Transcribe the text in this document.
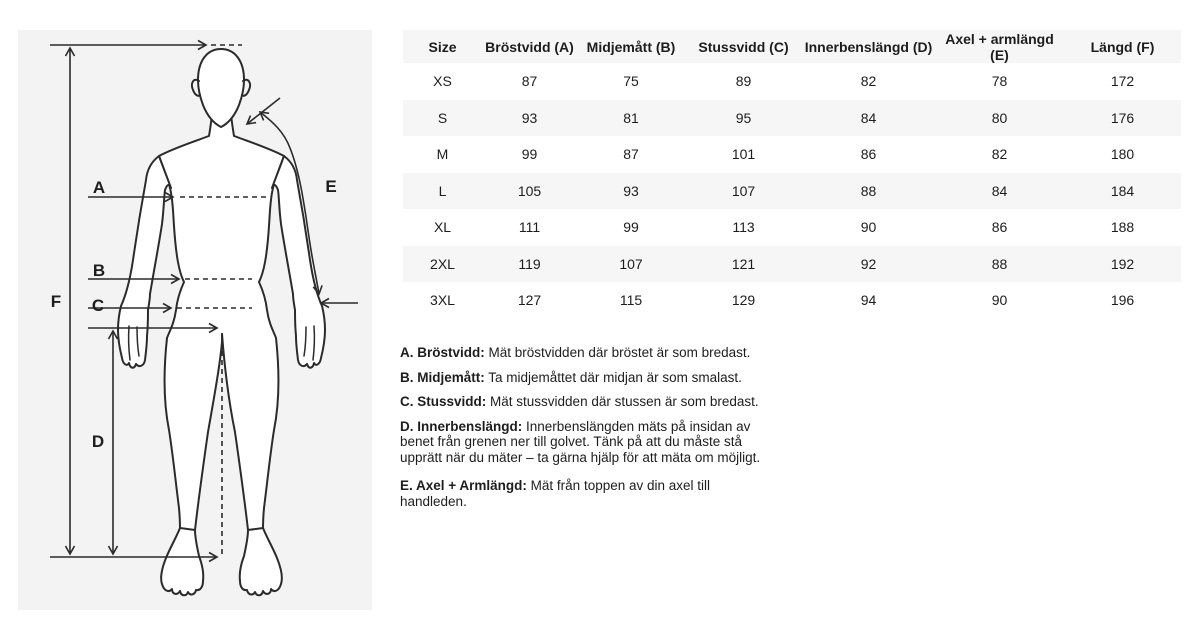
A
B
C
D
E
F
Size	Bröstvidd (A)	Midjemått (B)	Stussvidd (C)	Innerbenslängd (D)	Axel + armlängd (E)	Längd (F)
XS	87	75	89	82	78	172
S	93	81	95	84	80	176
M	99	87	101	86	82	180
L	105	93	107	88	84	184
XL	111	99	113	90	86	188
2XL	119	107	121	92	88	192
3XL	127	115	129	94	90	196

A. Bröstvidd: Mät bröstvidden där bröstet är som bredast.

B. Midjemått: Ta midjemåttet där midjan är som smalast.

C. Stussvidd: Mät stussvidden där stussen är som bredast.

D. Innerbenslängd: Innerbenslängden mäts på insidan av benet från grenen ner till golvet. Tänk på att du måste stå upprätt när du mäter – ta gärna hjälp för att mäta om möjligt.

E. Axel + Armlängd: Mät från toppen av din axel till handleden.
